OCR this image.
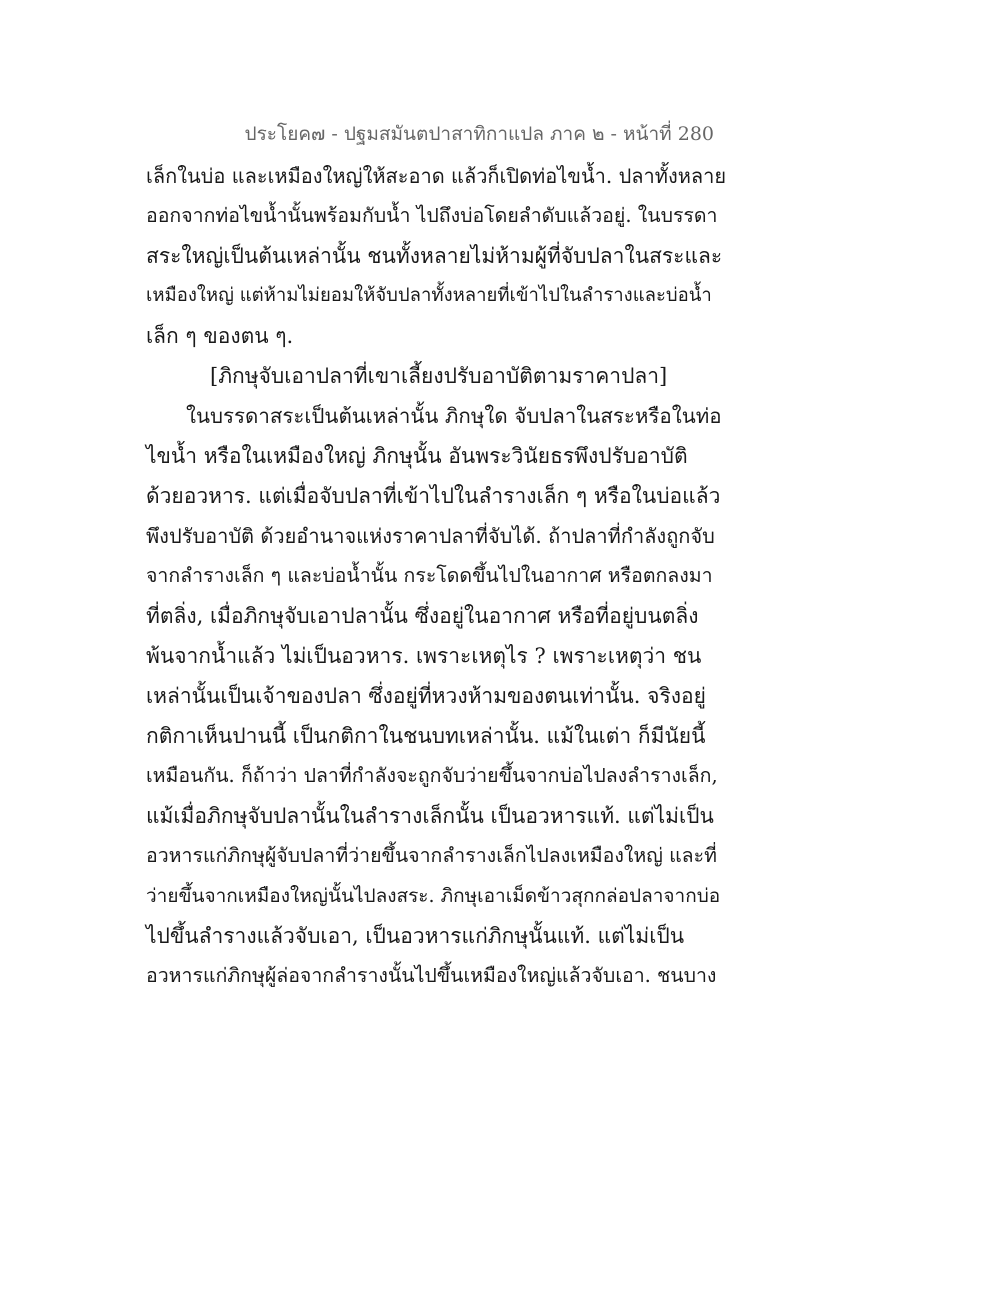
ประโยค๗ - ปฐมสมันตปาสาทิกาแปล ภาค ๒ - หน้าที่ 280
เล็กในบ่อ และเหมืองใหญ่ให้สะอาด แล้วก็เปิดท่อไขน้ำ. ปลาทั้งหลาย
ออกจากท่อไขน้ำนั้นพร้อมกับน้ำ ไปถึงบ่อโดยลำดับแล้วอยู่. ในบรรดา
สระใหญ่เป็นต้นเหล่านั้น ชนทั้งหลายไม่ห้ามผู้ที่จับปลาในสระและ
เหมืองใหญ่ แต่ห้ามไม่ยอมให้จับปลาทั้งหลายที่เข้าไปในลำรางและบ่อน้ำ
เล็ก ๆ ของตน ๆ.
[ภิกษุจับเอาปลาที่เขาเลี้ยงปรับอาบัติตามราคาปลา]
ในบรรดาสระเป็นต้นเหล่านั้น ภิกษุใด จับปลาในสระหรือในท่อ
ไขน้ำ หรือในเหมืองใหญ่ ภิกษุนั้น อันพระวินัยธรพึงปรับอาบัติ
ด้วยอวหาร. แต่เมื่อจับปลาที่เข้าไปในลำรางเล็ก ๆ หรือในบ่อแล้ว
พึงปรับอาบัติ ด้วยอำนาจแห่งราคาปลาที่จับได้. ถ้าปลาที่กำลังถูกจับ
จากลำรางเล็ก ๆ และบ่อน้ำนั้น กระโดดขึ้นไปในอากาศ หรือตกลงมา
ที่ตลิ่ง, เมื่อภิกษุจับเอาปลานั้น ซึ่งอยู่ในอากาศ หรือที่อยู่บนตลิ่ง
พ้นจากน้ำแล้ว ไม่เป็นอวหาร. เพราะเหตุไร ? เพราะเหตุว่า ชน
เหล่านั้นเป็นเจ้าของปลา ซึ่งอยู่ที่หวงห้ามของตนเท่านั้น. จริงอยู่
กติกาเห็นปานนี้ เป็นกติกาในชนบทเหล่านั้น. แม้ในเต่า ก็มีนัยนี้
เหมือนกัน. ก็ถ้าว่า ปลาที่กำลังจะถูกจับว่ายขึ้นจากบ่อไปลงลำรางเล็ก,
แม้เมื่อภิกษุจับปลานั้นในลำรางเล็กนั้น เป็นอวหารแท้. แต่ไม่เป็น
อวหารแก่ภิกษุผู้จับปลาที่ว่ายขึ้นจากลำรางเล็กไปลงเหมืองใหญ่ และที่
ว่ายขึ้นจากเหมืองใหญ่นั้นไปลงสระ. ภิกษุเอาเม็ดข้าวสุกกล่อปลาจากบ่อ
ไปขึ้นลำรางแล้วจับเอา, เป็นอวหารแก่ภิกษุนั้นแท้. แต่ไม่เป็น
อวหารแก่ภิกษุผู้ล่อจากลำรางนั้นไปขึ้นเหมืองใหญ่แล้วจับเอา. ชนบาง
